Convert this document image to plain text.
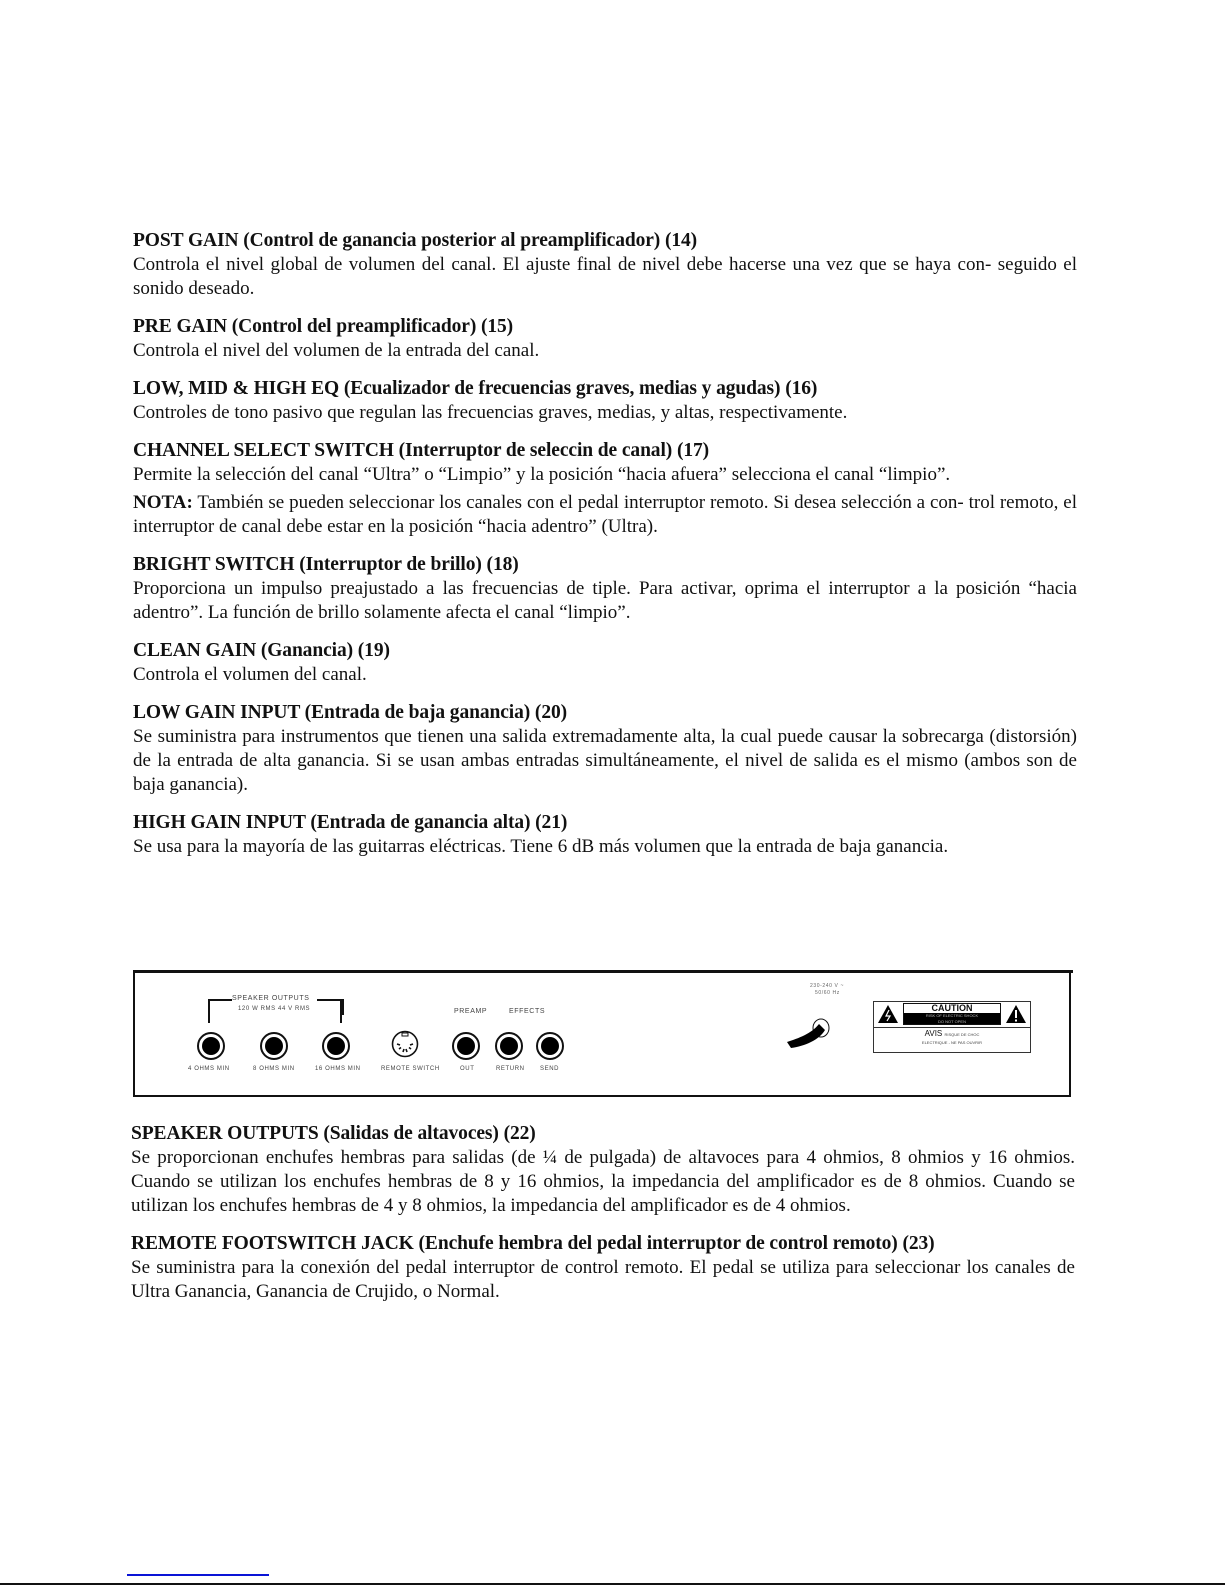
POST GAIN (Control de ganancia posterior al preamplificador) (14)

Controla el nivel global de volumen del canal. El ajuste final de nivel debe hacerse una vez que se haya con- seguido el sonido deseado.

PRE GAIN (Control del preamplificador) (15)

Controla el nivel del volumen de la entrada del canal.

LOW, MID & HIGH EQ (Ecualizador de frecuencias graves, medias y agudas) (16)

Controles de tono pasivo que regulan las frecuencias graves, medias, y altas, respectivamente.

CHANNEL SELECT SWITCH (Interruptor de seleccin de canal) (17)

Permite la selección del canal “Ultra” o “Limpio” y la posición “hacia afuera” selecciona el canal “limpio”.

NOTA: También se pueden seleccionar los canales con el pedal interruptor remoto. Si desea selección a con- trol remoto, el interruptor de canal debe estar en la posición “hacia adentro” (Ultra).

BRIGHT SWITCH (Interruptor de brillo) (18)

Proporciona un impulso preajustado a las frecuencias de tiple. Para activar, oprima el interruptor a la posición “hacia adentro”. La función de brillo solamente afecta el canal “limpio”.

CLEAN GAIN (Ganancia) (19)

Controla el volumen del canal.

LOW GAIN INPUT (Entrada de baja ganancia) (20)

Se suministra para instrumentos que tienen una salida extremadamente alta, la cual puede causar la sobrecarga (distorsión) de la entrada de alta ganancia. Si se usan ambas entradas simultáneamente, el nivel de salida es el mismo (ambos son de baja ganancia).

HIGH GAIN INPUT (Entrada de ganancia alta) (21)

Se usa para la mayoría de las guitarras eléctricas. Tiene 6 dB más volumen que la entrada de baja ganancia.

SPEAKER OUTPUTS
120 W RMS 44 V RMS	PREAMP	EFFECTS
4 OHMS MIN	8 OHMS MIN	16 OHMS MIN	REMOTE SWITCH	OUT	RETURN	SEND
230-240 V ~
50/60 Hz
CAUTION
RISK OF ELECTRIC SHOCK
DO NOT OPEN
AVIS RISQUE DE CHOC
ELECTRIQUE - NE PAS OUVRIR

SPEAKER OUTPUTS (Salidas de altavoces) (22)

Se proporcionan enchufes hembras para salidas (de ¼ de pulgada) de altavoces para 4 ohmios, 8 ohmios y 16 ohmios. Cuando se utilizan los enchufes hembras de 8 y 16 ohmios, la impedancia del amplificador es de 8 ohmios. Cuando se utilizan los enchufes hembras de 4 y 8 ohmios, la impedancia del amplificador es de 4 ohmios.

REMOTE FOOTSWITCH JACK (Enchufe hembra del pedal interruptor de control remoto) (23)

Se suministra para la conexión del pedal interruptor de control remoto. El pedal se utiliza para seleccionar los canales de Ultra Ganancia, Ganancia de Crujido, o Normal.
